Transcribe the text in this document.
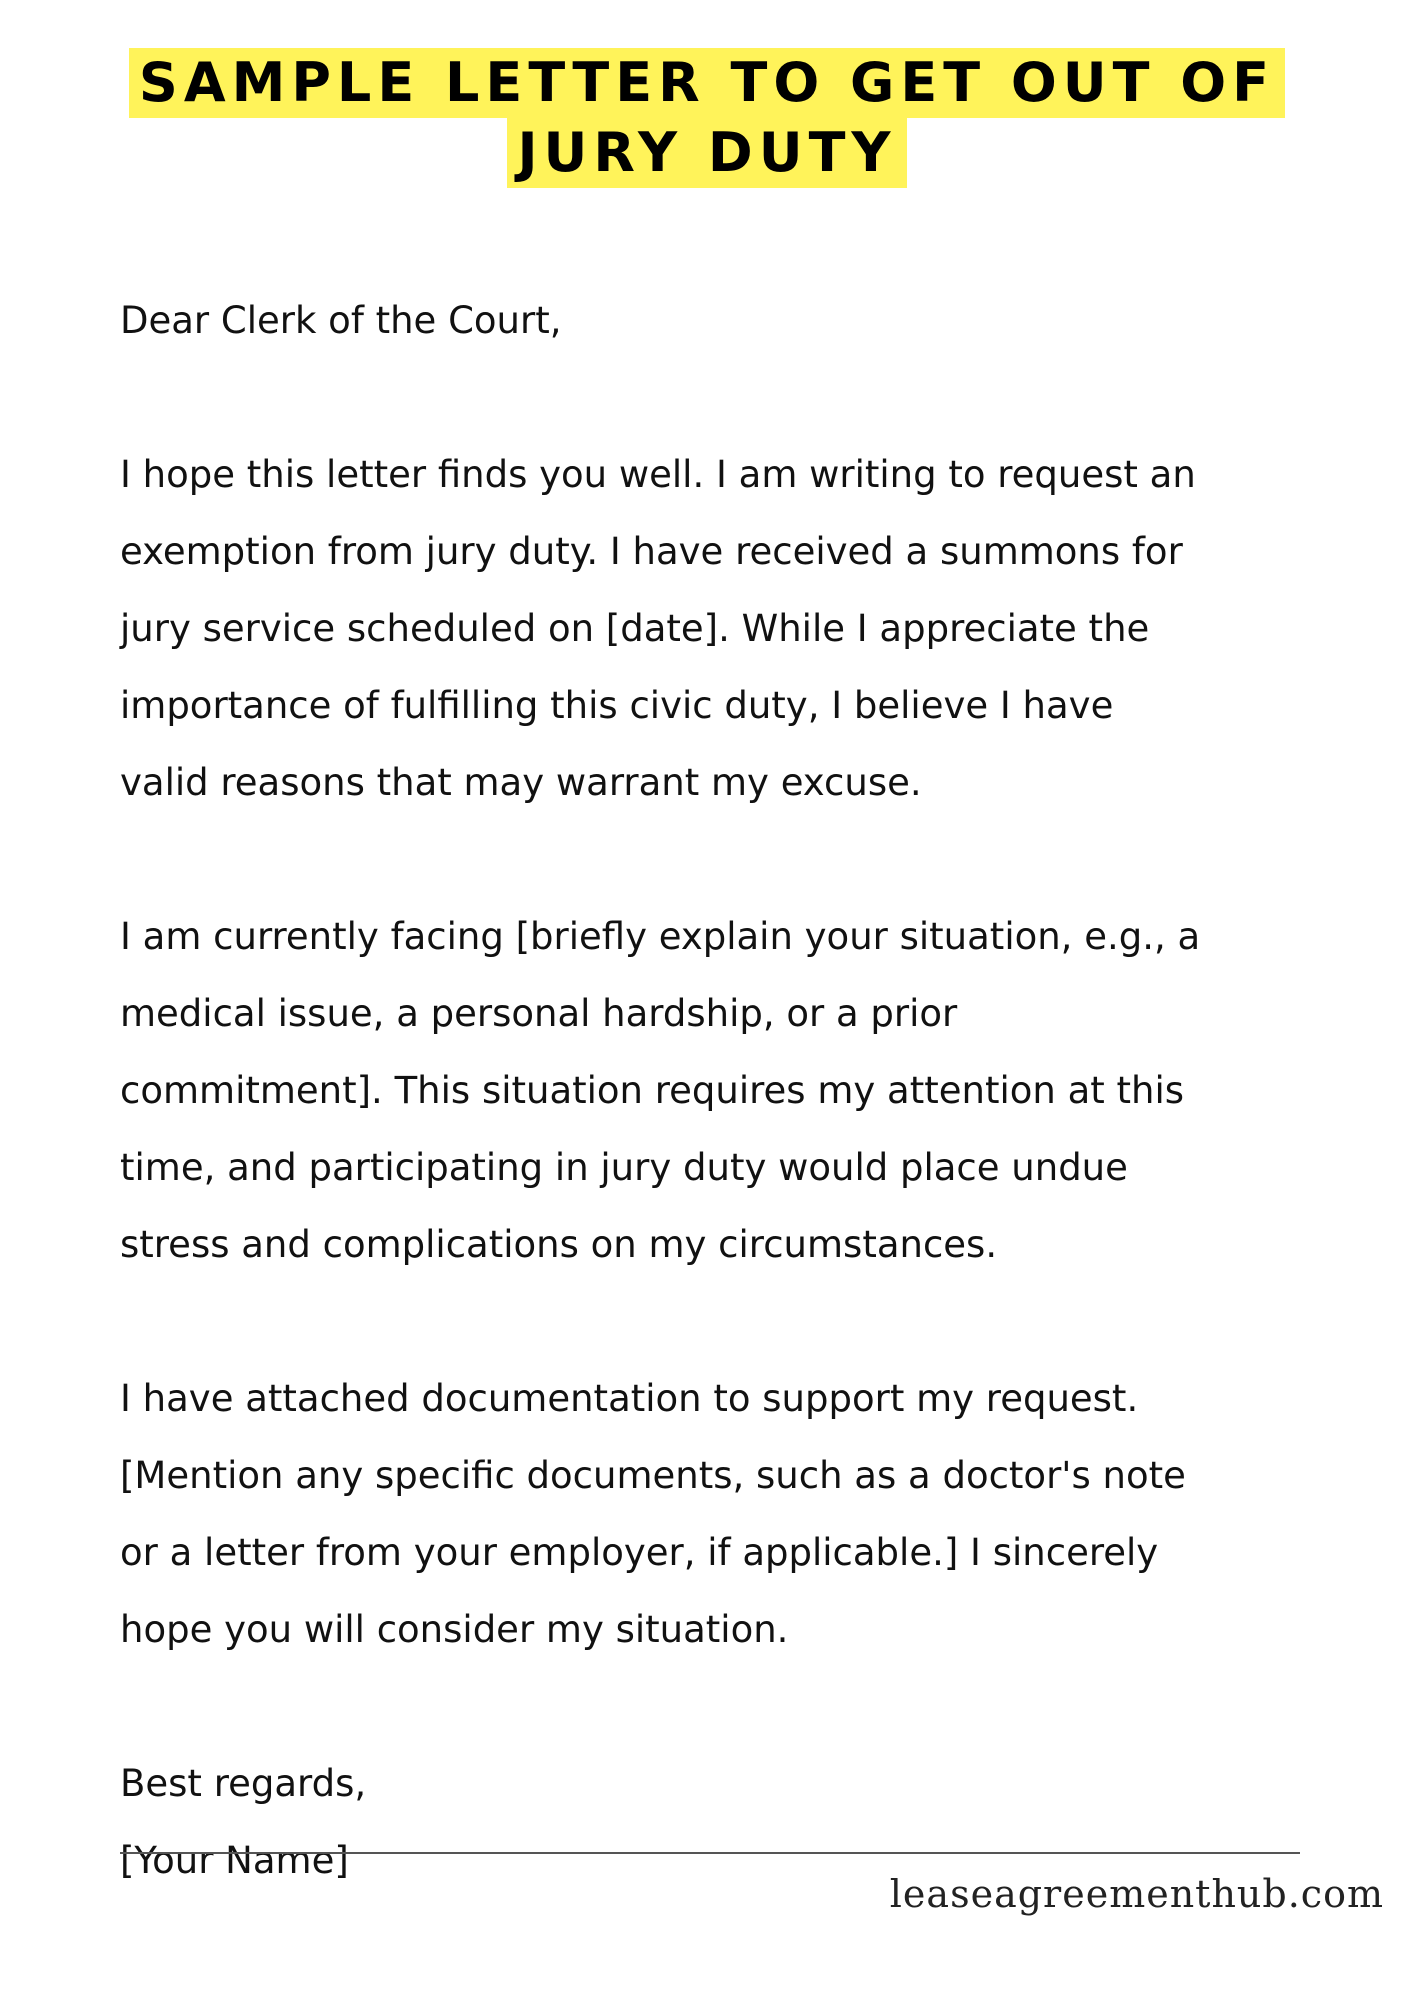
SAMPLE LETTER TO GET OUT OF
JURY DUTY

Dear Clerk of the Court,

I hope this letter finds you well. I am writing to request an
exemption from jury duty. I have received a summons for
jury service scheduled on [date]. While I appreciate the
importance of fulfilling this civic duty, I believe I have
valid reasons that may warrant my excuse.

I am currently facing [briefly explain your situation, e.g., a
medical issue, a personal hardship, or a prior
commitment]. This situation requires my attention at this
time, and participating in jury duty would place undue
stress and complications on my circumstances.

I have attached documentation to support my request.
[Mention any specific documents, such as a doctor's note
or a letter from your employer, if applicable.] I sincerely
hope you will consider my situation.

Best regards,
[Your Name]

leaseagreementhub.com
